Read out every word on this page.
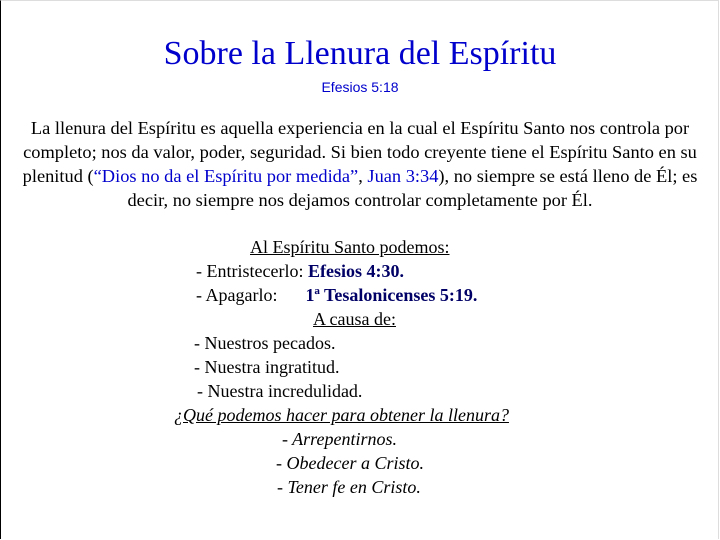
Sobre la Llenura del Espíritu
Efesios 5:18
La llenura del Espíritu es aquella experiencia en la cual el Espíritu Santo nos controla por completo; nos da valor, poder, seguridad. Si bien todo creyente tiene el Espíritu Santo en su plenitud (“Dios no da el Espíritu por medida”, Juan 3:34), no siempre se está lleno de Él; es decir, no siempre nos dejamos controlar completamente por Él.
Al Espíritu Santo podemos:
- Entristecerlo: Efesios 4:30.
- Apagarlo: 1ª Tesalonicenses 5:19.
A causa de:
- Nuestros pecados.
- Nuestra ingratitud.
- Nuestra incredulidad.
¿Qué podemos hacer para obtener la llenura?
- Arrepentirnos.
- Obedecer a Cristo.
- Tener fe en Cristo.
